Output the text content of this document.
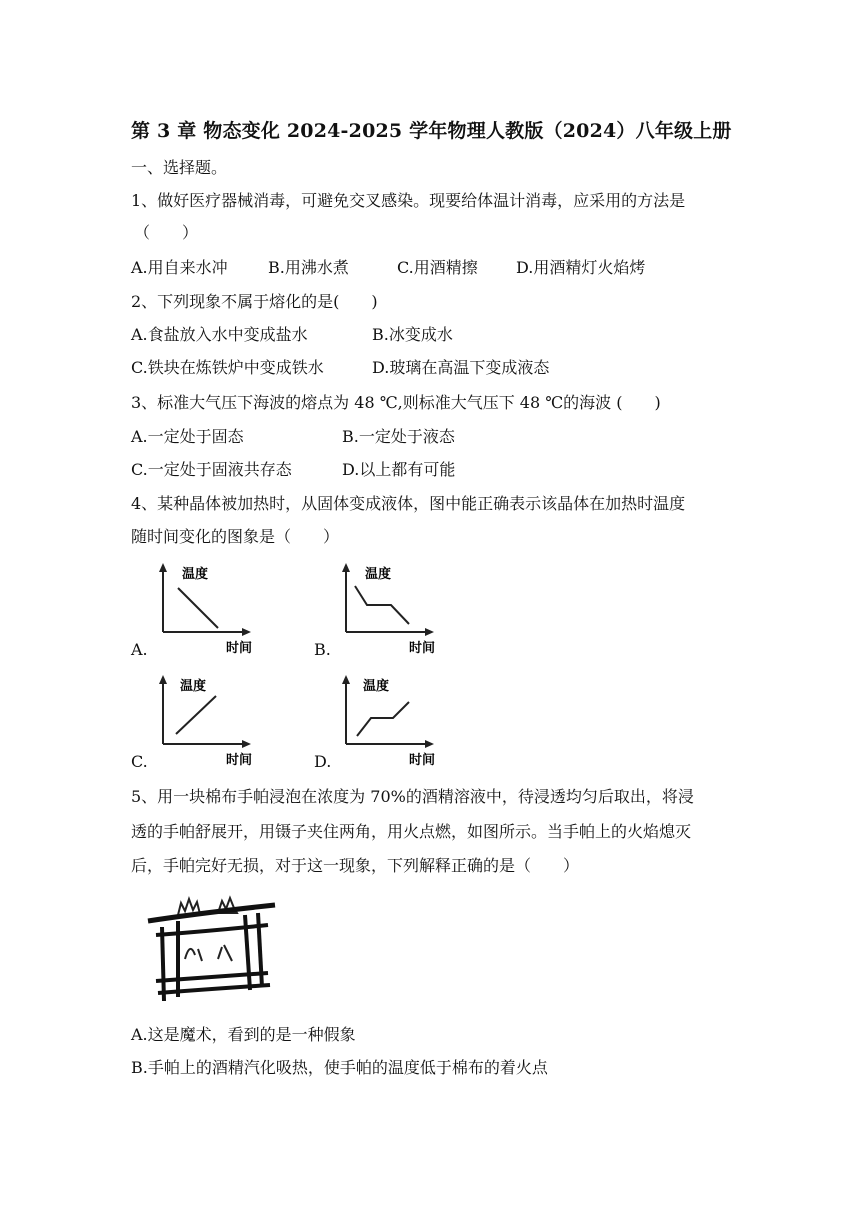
第 3 章 物态变化 2024-2025 学年物理人教版（2024）八年级上册
一、选择题。
1、做好医疗器械消毒，可避免交叉感染。现要给体温计消毒，应采用的方法是
（　　）
A.用自来水冲	B.用沸水煮	C.用酒精擦 D.用酒精灯火焰烤
2、下列现象不属于熔化的是(　　)
A.食盐放入水中变成盐水	B.冰变成水
C.铁块在炼铁炉中变成铁水	D.玻璃在高温下变成液态
3、标准大气压下海波的熔点为 48 ℃,则标准大气压下 48 ℃的海波 (　　)
A.一定处于固态	B.一定处于液态
C.一定处于固液共存态	D.以上都有可能
4、某种晶体被加热时，从固体变成液体，图中能正确表示该晶体在加热时温度
随时间变化的图象是（　　）
A.
温度
时间	B.
温度
时间
C.
温度
时间	D.
温度
时间
5、用一块棉布手帕浸泡在浓度为 70%的酒精溶液中，待浸透均匀后取出，将浸
透的手帕舒展开，用镊子夹住两角，用火点燃，如图所示。当手帕上的火焰熄灭
后，手帕完好无损，对于这一现象，下列解释正确的是（　　）
A.这是魔术，看到的是一种假象
B.手帕上的酒精汽化吸热，使手帕的温度低于棉布的着火点
